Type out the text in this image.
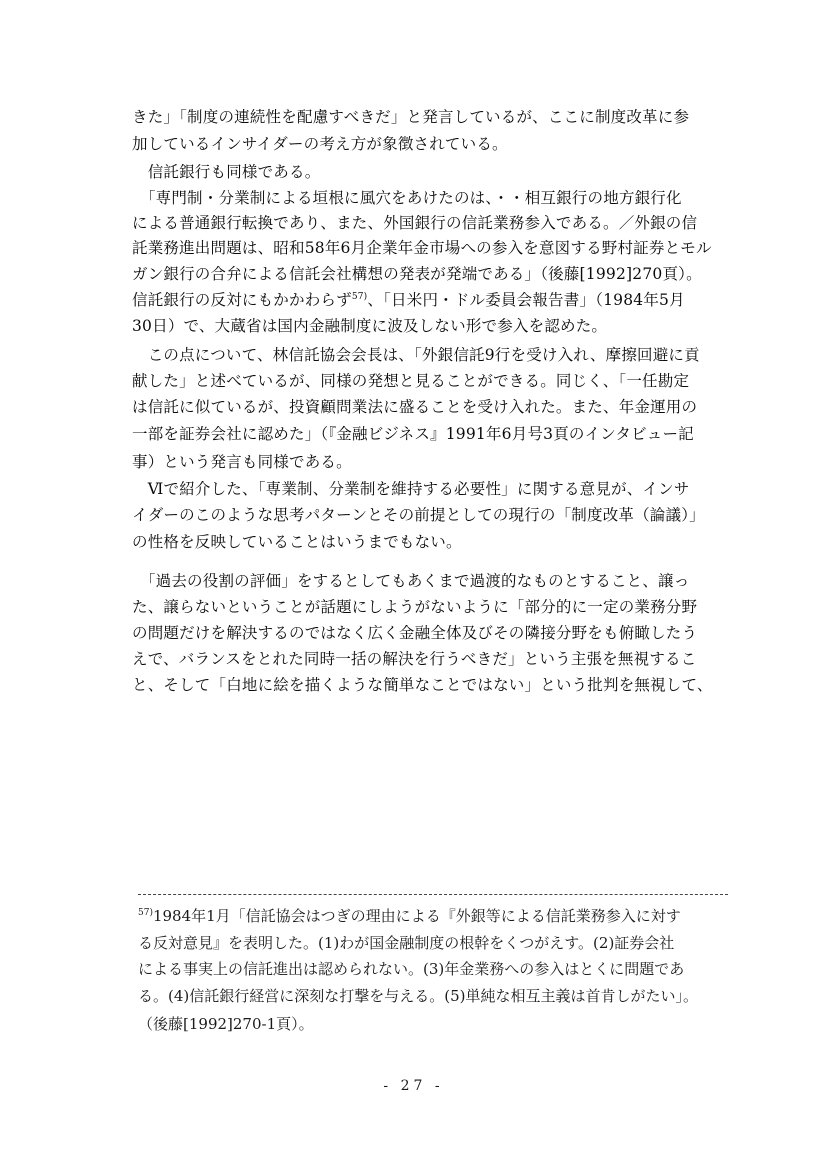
きた」「制度の連続性を配慮すべきだ」と発言しているが、ここに制度改革に参
加しているインサイダーの考え方が象徴されている。
　信託銀行も同様である。
　「専門制・分業制による垣根に風穴をあけたのは、・・相互銀行の地方銀行化
による普通銀行転換であり、また、外国銀行の信託業務参入である。／外銀の信
託業務進出問題は、昭和58年6月企業年金市場への参入を意図する野村証券とモル
ガン銀行の合弁による信託会社構想の発表が発端である」（後藤[1992]270頁）。
信託銀行の反対にもかかわらず$^{57)}$、「日米円・ドル委員会報告書」（1984年5月
30日）で、大蔵省は国内金融制度に波及しない形で参入を認めた。
　この点について、林信託協会会長は、「外銀信託9行を受け入れ、摩擦回避に貢
献した」と述べているが、同様の発想と見ることができる。同じく、「一任勘定
は信託に似ているが、投資顧問業法に盛ることを受け入れた。また、年金運用の
一部を証券会社に認めた」（『金融ビジネス』1991年6月号3頁のインタビュー記
事）という発言も同様である。
　Ⅵで紹介した、「専業制、分業制を維持する必要性」に関する意見が、インサ
イダーのこのような思考パターンとその前提としての現行の「制度改革（論議）」
の性格を反映していることはいうまでもない。
　「過去の役割の評価」をするとしてもあくまで過渡的なものとすること、譲っ
た、譲らないということが話題にしようがないように「部分的に一定の業務分野
の問題だけを解決するのではなく広く金融全体及びその隣接分野をも俯瞰したう
えで、バランスをとれた同時一括の解決を行うべきだ」という主張を無視するこ
と、そして「白地に絵を描くような簡単なことではない」という批判を無視して、
$^{57)}$1984年1月「信託協会はつぎの理由による『外銀等による信託業務参入に対す
る反対意見』を表明した。(1)わが国金融制度の根幹をくつがえす。(2)証券会社
による事実上の信託進出は認められない。(3)年金業務への参入はとくに問題であ
る。(4)信託銀行経営に深刻な打撃を与える。(5)単純な相互主義は首肯しがたい」。
（後藤[1992]270-1頁）。
- 27 -
